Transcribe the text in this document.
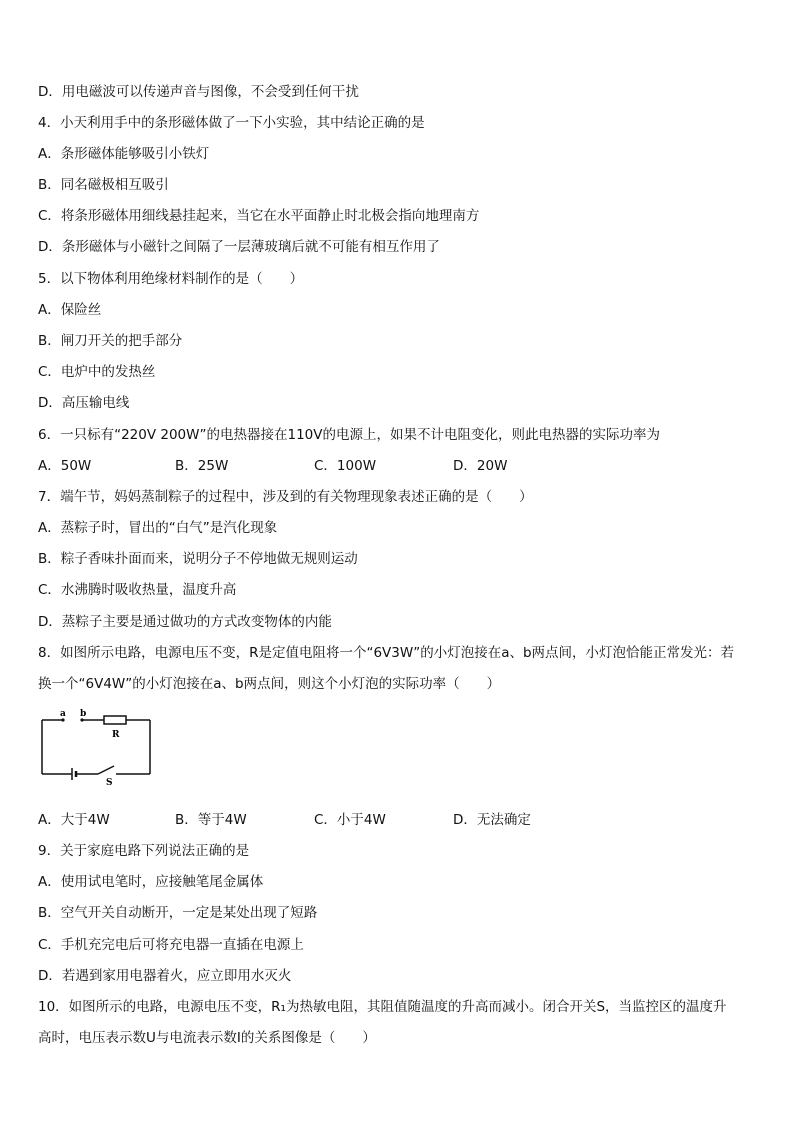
D．用电磁波可以传递声音与图像，不会受到任何干扰
4．小天利用手中的条形磁体做了一下小实验，其中结论正确的是
A．条形磁体能够吸引小铁灯
B．同名磁极相互吸引
C．将条形磁体用细线悬挂起来，当它在水平面静止时北极会指向地理南方
D．条形磁体与小磁针之间隔了一层薄玻璃后就不可能有相互作用了
5．以下物体利用绝缘材料制作的是（　　）
A．保险丝
B．闸刀开关的把手部分
C．电炉中的发热丝
D．高压输电线
6．一只标有“220V 200W”的电热器接在110V的电源上，如果不计电阻变化，则此电热器的实际功率为
A．50W	B．25W	C．100W	D．20W
7．端午节，妈妈蒸制粽子的过程中，涉及到的有关物理现象表述正确的是（　　）
A．蒸粽子时，冒出的“白气”是汽化现象
B．粽子香味扑面而来，说明分子不停地做无规则运动
C．水沸腾时吸收热量，温度升高
D．蒸粽子主要是通过做功的方式改变物体的内能
8．如图所示电路，电源电压不变，R是定值电阻将一个“6V3W”的小灯泡接在a、b两点间，小灯泡恰能正常发光：若
换一个“6V4W”的小灯泡接在a、b两点间，则这个小灯泡的实际功率（　　）
a b
R
S
A．大于4W	B．等于4W	C．小于4W	D．无法确定
9．关于家庭电路下列说法正确的是
A．使用试电笔时，应接触笔尾金属体
B．空气开关自动断开，一定是某处出现了短路
C．手机充完电后可将充电器一直插在电源上
D．若遇到家用电器着火，应立即用水灭火
10．如图所示的电路，电源电压不变，R₁为热敏电阻，其阻值随温度的升高而减小。闭合开关S，当监控区的温度升
高时，电压表示数U与电流表示数I的关系图像是（　　）
